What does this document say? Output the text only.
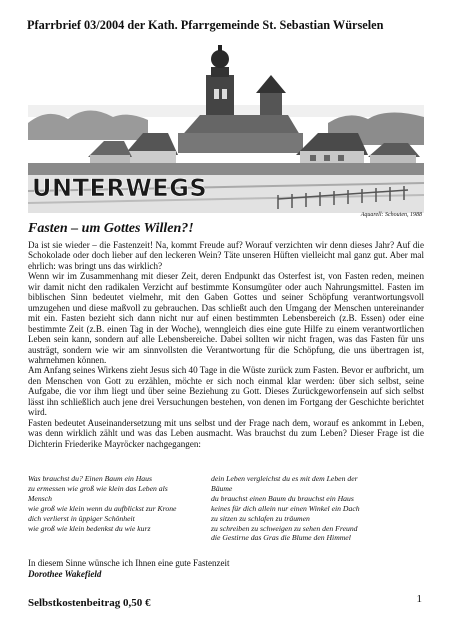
Pfarrbrief 03/2004 der Kath. Pfarrgemeinde St. Sebastian Würselen
UNTERWEGS
Aquarell: Schouten, 1988
Fasten – um Gottes Willen?!

Da ist sie wieder – die Fastenzeit! Na, kommt Freude auf? Worauf verzichten wir denn dieses Jahr? Auf die Schokolade oder doch lieber auf den leckeren Wein? Täte unseren Hüften vielleicht mal ganz gut. Aber mal ehrlich: was bringt uns das wirklich?

Wenn wir im Zusammenhang mit dieser Zeit, deren Endpunkt das Osterfest ist, von Fasten reden, meinen wir damit nicht den radikalen Verzicht auf bestimmte Konsumgüter oder auch Nahrungsmittel. Fasten im biblischen Sinn bedeutet vielmehr, mit den Gaben Gottes und seiner Schöpfung verantwortungsvoll umzugehen und diese maßvoll zu gebrauchen. Das schließt auch den Umgang der Menschen untereinander mit ein. Fasten bezieht sich dann nicht nur auf einen bestimmten Lebensbereich (z.B. Essen) oder eine bestimmte Zeit (z.B. einen Tag in der Woche), wenngleich dies eine gute Hilfe zu einem verantwortlichen Leben sein kann, sondern auf alle Lebensbereiche. Dabei sollten wir nicht fragen, was das Fasten für uns austrägt, sondern wie wir am sinnvollsten die Verantwortung für die Schöpfung, die uns übertragen ist, wahrnehmen können.

Am Anfang seines Wirkens zieht Jesus sich 40 Tage in die Wüste zurück zum Fasten. Bevor er aufbricht, um den Menschen von Gott zu erzählen, möchte er sich noch einmal klar werden: über sich selbst, seine Aufgabe, die vor ihm liegt und über seine Beziehung zu Gott. Dieses Zurückgeworfensein auf sich selbst lässt ihn schließlich auch jene drei Versuchungen bestehen, von denen im Fortgang der Geschichte berichtet wird.

Fasten bedeutet Auseinandersetzung mit uns selbst und der Frage nach dem, worauf es ankommt in Leben, was denn wirklich zählt und was das Leben ausmacht. Was brauchst du zum Leben? Dieser Frage ist die Dichterin Friederike Mayröcker nachgegangen:

Was brauchst du? Einen Baum ein Haus
zu ermessen wie groß wie klein das Leben als
Mensch
wie groß wie klein wenn du aufblickst zur Krone
dich verlierst in üppiger Schönheit
wie groß wie klein bedenkst du wie kurz
dein Leben vergleichst du es mit dem Leben der
Bäume
du brauchst einen Baum du brauchst ein Haus
keines für dich allein nur einen Winkel ein Dach
zu sitzen zu schlafen zu träumen
zu schreiben zu schweigen zu sehen den Freund
die Gestirne das Gras die Blume den Himmel
In diesem Sinne wünsche ich Ihnen eine gute Fastenzeit
Dorothee Wakefield
Selbstkostenbeitrag 0,50 €	1
